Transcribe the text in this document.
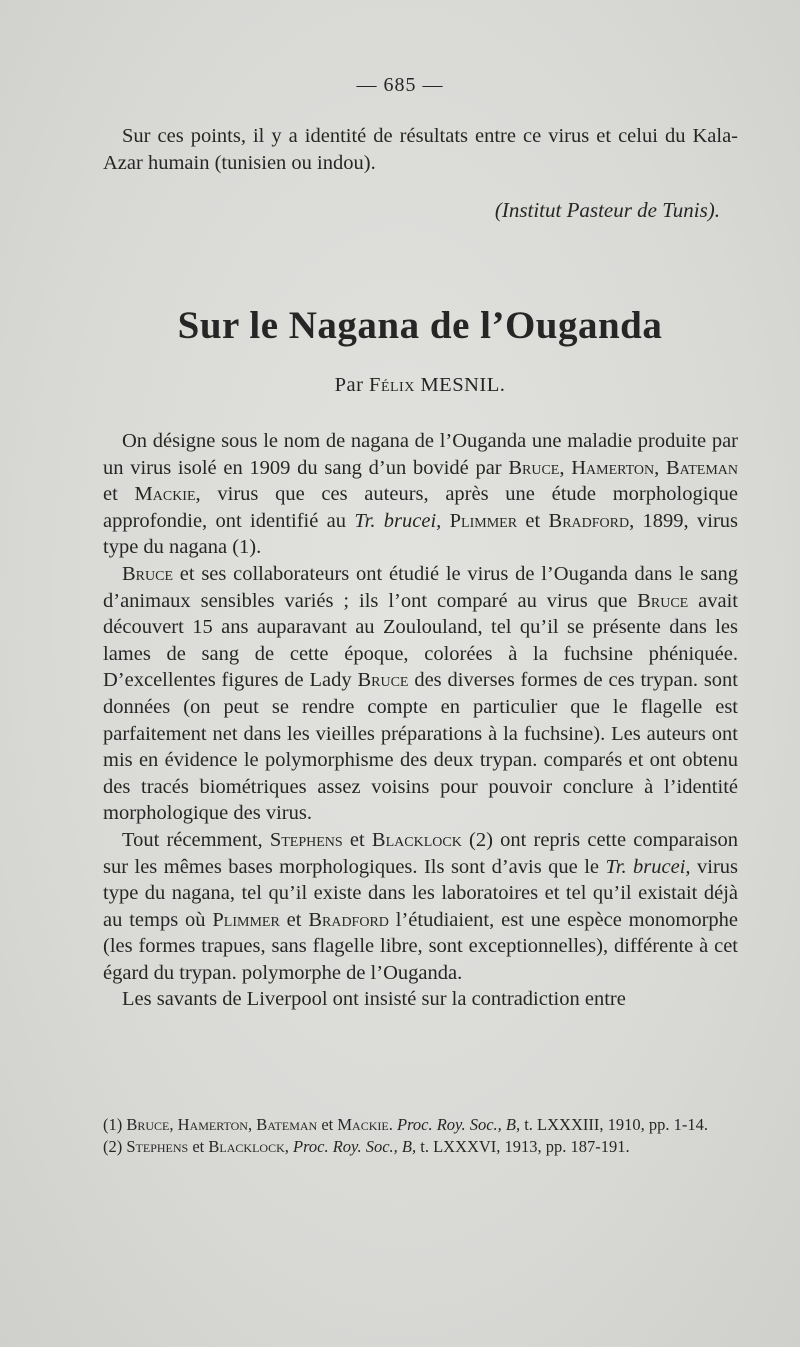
— 685 —

Sur ces points, il y a identité de résultats entre ce virus et celui du Kala-Azar humain (tunisien ou indou).

(Institut Pasteur de Tunis).
Sur le Nagana de l’Ouganda
Par Félix MESNIL.

On désigne sous le nom de nagana de l’Ouganda une maladie produite par un virus isolé en 1909 du sang d’un bovidé par Bruce, Hamerton, Bateman et Mackie, virus que ces auteurs, après une étude morphologique approfondie, ont identifié au Tr. brucei, Plimmer et Bradford, 1899, virus type du nagana (1).

Bruce et ses collaborateurs ont étudié le virus de l’Ouganda dans le sang d’animaux sensibles variés ; ils l’ont comparé au virus que Bruce avait découvert 15 ans auparavant au Zoulouland, tel qu’il se présente dans les lames de sang de cette époque, colorées à la fuchsine phéniquée. D’excellentes figures de Lady Bruce des diverses formes de ces trypan. sont données (on peut se rendre compte en particulier que le flagelle est parfaitement net dans les vieilles préparations à la fuchsine). Les auteurs ont mis en évidence le polymorphisme des deux trypan. comparés et ont obtenu des tracés biométriques assez voisins pour pouvoir conclure à l’identité morphologique des virus.

Tout récemment, Stephens et Blacklock (2) ont repris cette comparaison sur les mêmes bases morphologiques. Ils sont d’avis que le Tr. brucei, virus type du nagana, tel qu’il existe dans les laboratoires et tel qu’il existait déjà au temps où Plimmer et Bradford l’étudiaient, est une espèce monomorphe (les formes trapues, sans flagelle libre, sont exceptionnelles), différente à cet égard du trypan. polymorphe de l’Ouganda.

Les savants de Liverpool ont insisté sur la contradiction entre

(1) Bruce, Hamerton, Bateman et Mackie. Proc. Roy. Soc., B, t. LXXXIII, 1910, pp. 1-14.

(2) Stephens et Blacklock, Proc. Roy. Soc., B, t. LXXXVI, 1913, pp. 187-191.
